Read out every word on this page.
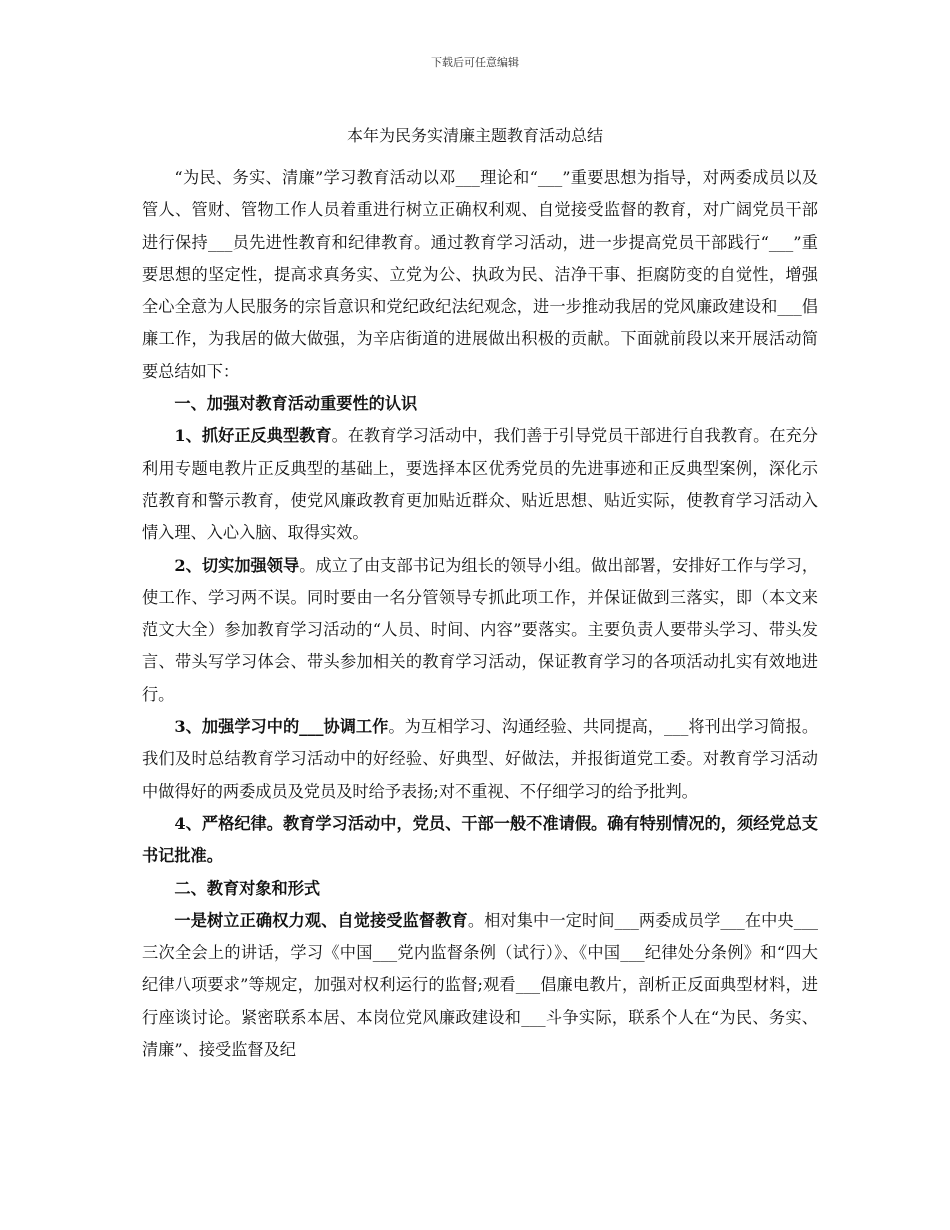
下载后可任意编辑
本年为民务实清廉主题教育活动总结

“为民、务实、清廉”学习教育活动以邓___理论和“___”重要思想为指导，对两委成员以及管人、管财、管物工作人员着重进行树立正确权利观、自觉接受监督的教育，对广阔党员干部进行保持___员先进性教育和纪律教育。通过教育学习活动，进一步提高党员干部践行“___”重要思想的坚定性，提高求真务实、立党为公、执政为民、洁净干事、拒腐防变的自觉性，增强全心全意为人民服务的宗旨意识和党纪政纪法纪观念，进一步推动我居的党风廉政建设和___倡廉工作，为我居的做大做强，为辛店街道的进展做出积极的贡献。下面就前段以来开展活动简要总结如下：

一、加强对教育活动重要性的认识

1、抓好正反典型教育。在教育学习活动中，我们善于引导党员干部进行自我教育。在充分利用专题电教片正反典型的基础上，要选择本区优秀党员的先进事迹和正反典型案例，深化示范教育和警示教育，使党风廉政教育更加贴近群众、贴近思想、贴近实际，使教育学习活动入情入理、入心入脑、取得实效。

2、切实加强领导。成立了由支部书记为组长的领导小组。做出部署，安排好工作与学习，使工作、学习两不误。同时要由一名分管领导专抓此项工作，并保证做到三落实，即（本文来范文大全）参加教育学习活动的“人员、时间、内容”要落实。主要负责人要带头学习、带头发言、带头写学习体会、带头参加相关的教育学习活动，保证教育学习的各项活动扎实有效地进行。

3、加强学习中的___协调工作。为互相学习、沟通经验、共同提高，___将刊出学习简报。我们及时总结教育学习活动中的好经验、好典型、好做法，并报街道党工委。对教育学习活动中做得好的两委成员及党员及时给予表扬;对不重视、不仔细学习的给予批判。

4、严格纪律。教育学习活动中，党员、干部一般不准请假。确有特别情况的，须经党总支书记批准。

二、教育对象和形式

一是树立正确权力观、自觉接受监督教育。相对集中一定时间___两委成员学___在中央___三次全会上的讲话，学习《中国___党内监督条例（试行）》、《中国___纪律处分条例》和“四大纪律八项要求”等规定，加强对权利运行的监督;观看___倡廉电教片，剖析正反面典型材料，进行座谈讨论。紧密联系本居、本岗位党风廉政建设和___斗争实际，联系个人在“为民、务实、清廉”、接受监督及纪
